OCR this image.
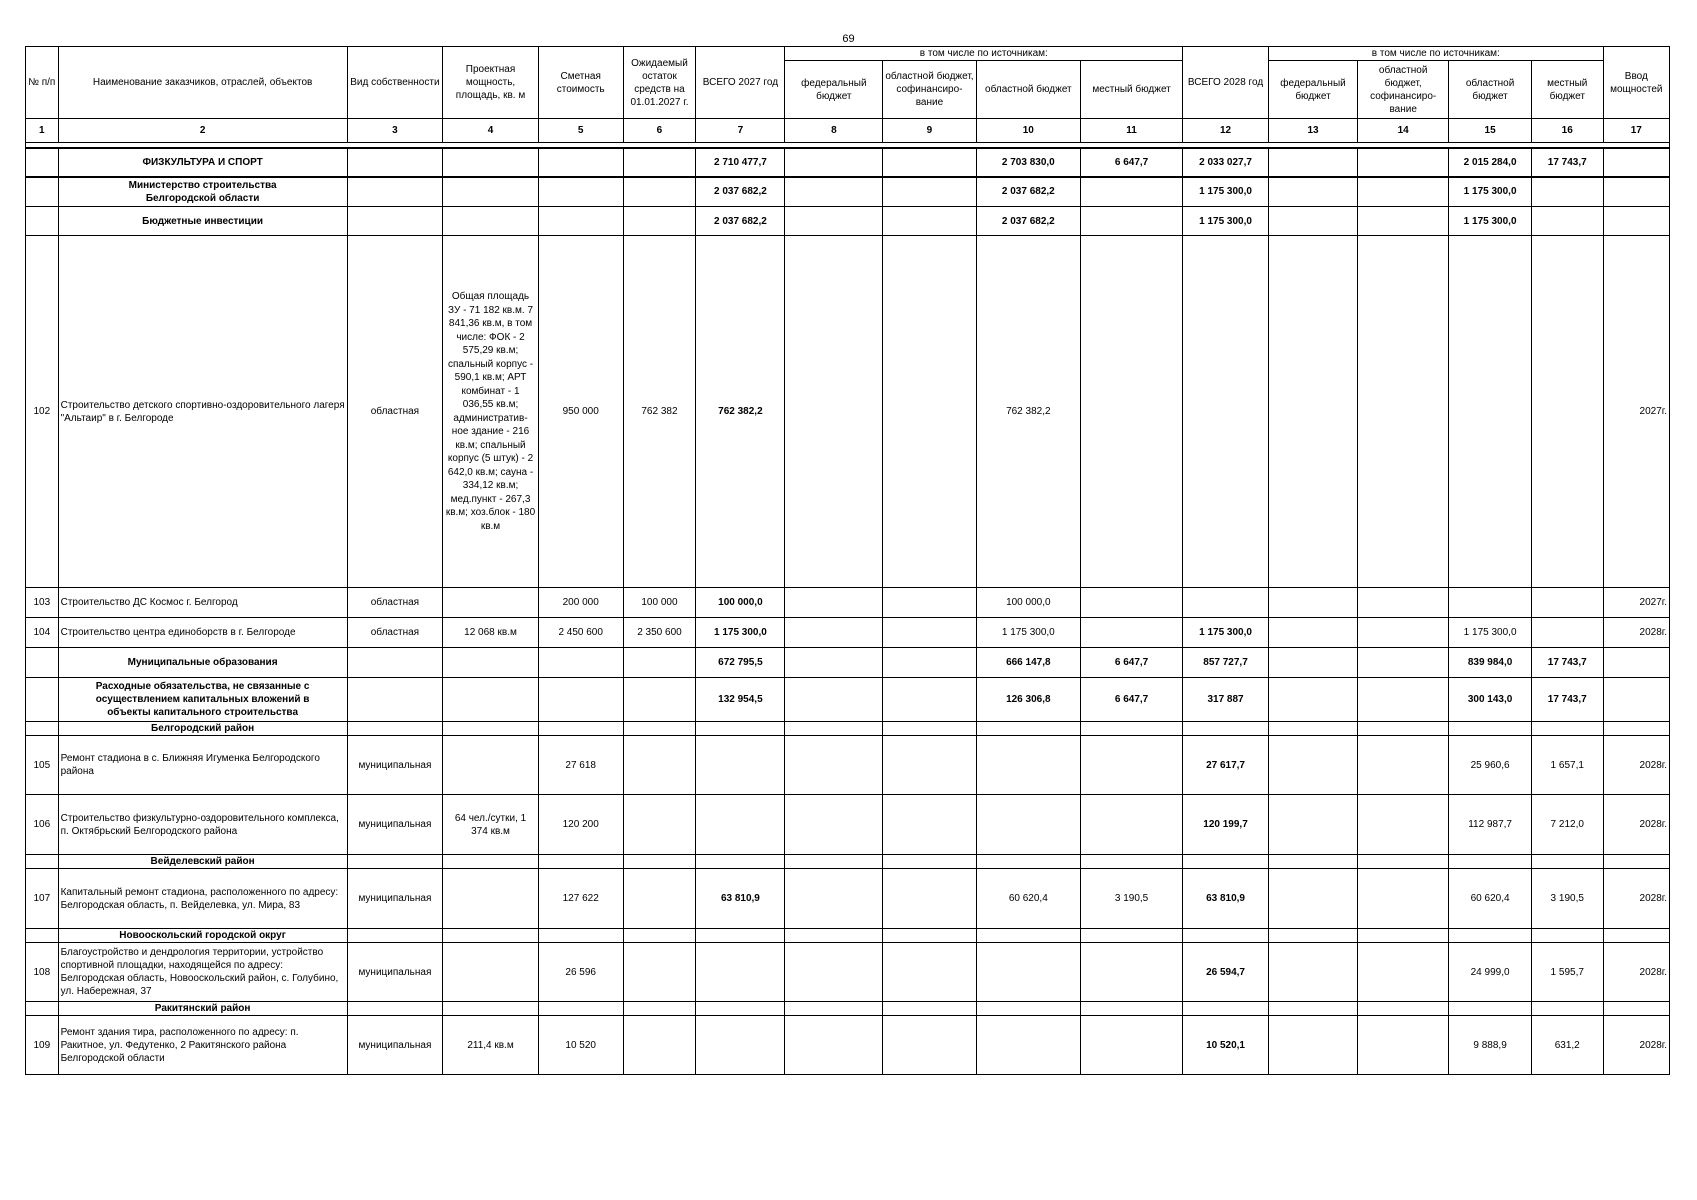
69
№ п/п	Наименование заказчиков, отраслей, объектов	Вид собственности	Проектная мощность, площадь, кв. м	Сметная стоимость	Ожидаемый остаток средств на 01.01.2027 г.	ВСЕГО 2027 год	в том числе по источникам:				ВСЕГО 2028 год	в том числе по источникам:				Ввод мощностей
							федеральный бюджет	областной бюджет, софинансиро-вание	областной бюджет	местный бюджет		федеральный бюджет	областной бюджет, софинансиро-вание	областной бюджет	местный бюджет	
1	2	3	4	5	6	7	8	9	10	11	12	13	14	15	16	17

	ФИЗКУЛЬТУРА И СПОРТ					2 710 477,7			2 703 830,0	6 647,7	2 033 027,7			2 015 284,0	17 743,7	
	Министерство строительства Белгородской области					2 037 682,2			2 037 682,2		1 175 300,0			1 175 300,0		
	Бюджетные инвестиции					2 037 682,2			2 037 682,2		1 175 300,0			1 175 300,0		
102	Строительство детского спортивно-оздоровительного лагеря "Альтаир" в г. Белгороде	областная	Общая площадь ЗУ - 71 182 кв.м. 7 841,36 кв.м, в том числе: ФОК - 2 575,29 кв.м; спальный корпус - 590,1 кв.м; АРТ комбинат - 1 036,55 кв.м; административ-ное здание - 216 кв.м; спальный корпус (5 штук) - 2 642,0 кв.м; сауна - 334,12 кв.м; мед.пункт - 267,3 кв.м; хоз.блок - 180 кв.м	950 000	762 382	762 382,2			762 382,2							2027г.
103	Строительство ДС Космос г. Белгород	областная		200 000	100 000	100 000,0			100 000,0							2027г.
104	Строительство центра единоборств в г. Белгороде	областная	12 068 кв.м	2 450 600	2 350 600	1 175 300,0			1 175 300,0		1 175 300,0			1 175 300,0		2028г.
	Муниципальные образования					672 795,5			666 147,8	6 647,7	857 727,7			839 984,0	17 743,7	
	Расходные обязательства, не связанные с осуществлением капитальных вложений в объекты капитального строительства					132 954,5			126 306,8	6 647,7	317 887			300 143,0	17 743,7	
	Белгородский район															
105	Ремонт стадиона в с. Ближняя Игуменка Белгородского района	муниципальная		27 618							27 617,7			25 960,6	1 657,1	2028г.
106	Строительство физкультурно-оздоровительного комплекса, п. Октябрьский Белгородского района	муниципальная	64 чел./сутки, 1 374 кв.м	120 200							120 199,7			112 987,7	7 212,0	2028г.
	Вейделевский район															
107	Капитальный ремонт стадиона, расположенного по адресу: Белгородская область, п. Вейделевка, ул. Мира, 83	муниципальная		127 622		63 810,9			60 620,4	3 190,5	63 810,9			60 620,4	3 190,5	2028г.
	Новооскольский городской округ															
108	Благоустройство и дендрология территории, устройство спортивной площадки, находящейся по адресу: Белгородская область, Новооскольский район, с. Голубино, ул. Набережная, 37	муниципальная		26 596							26 594,7			24 999,0	1 595,7	2028г.
	Ракитянский район															
109	Ремонт здания тира, расположенного по адресу: п. Ракитное, ул. Федутенко, 2 Ракитянского района Белгородской области	муниципальная	211,4 кв.м	10 520							10 520,1			9 888,9	631,2	2028г.
